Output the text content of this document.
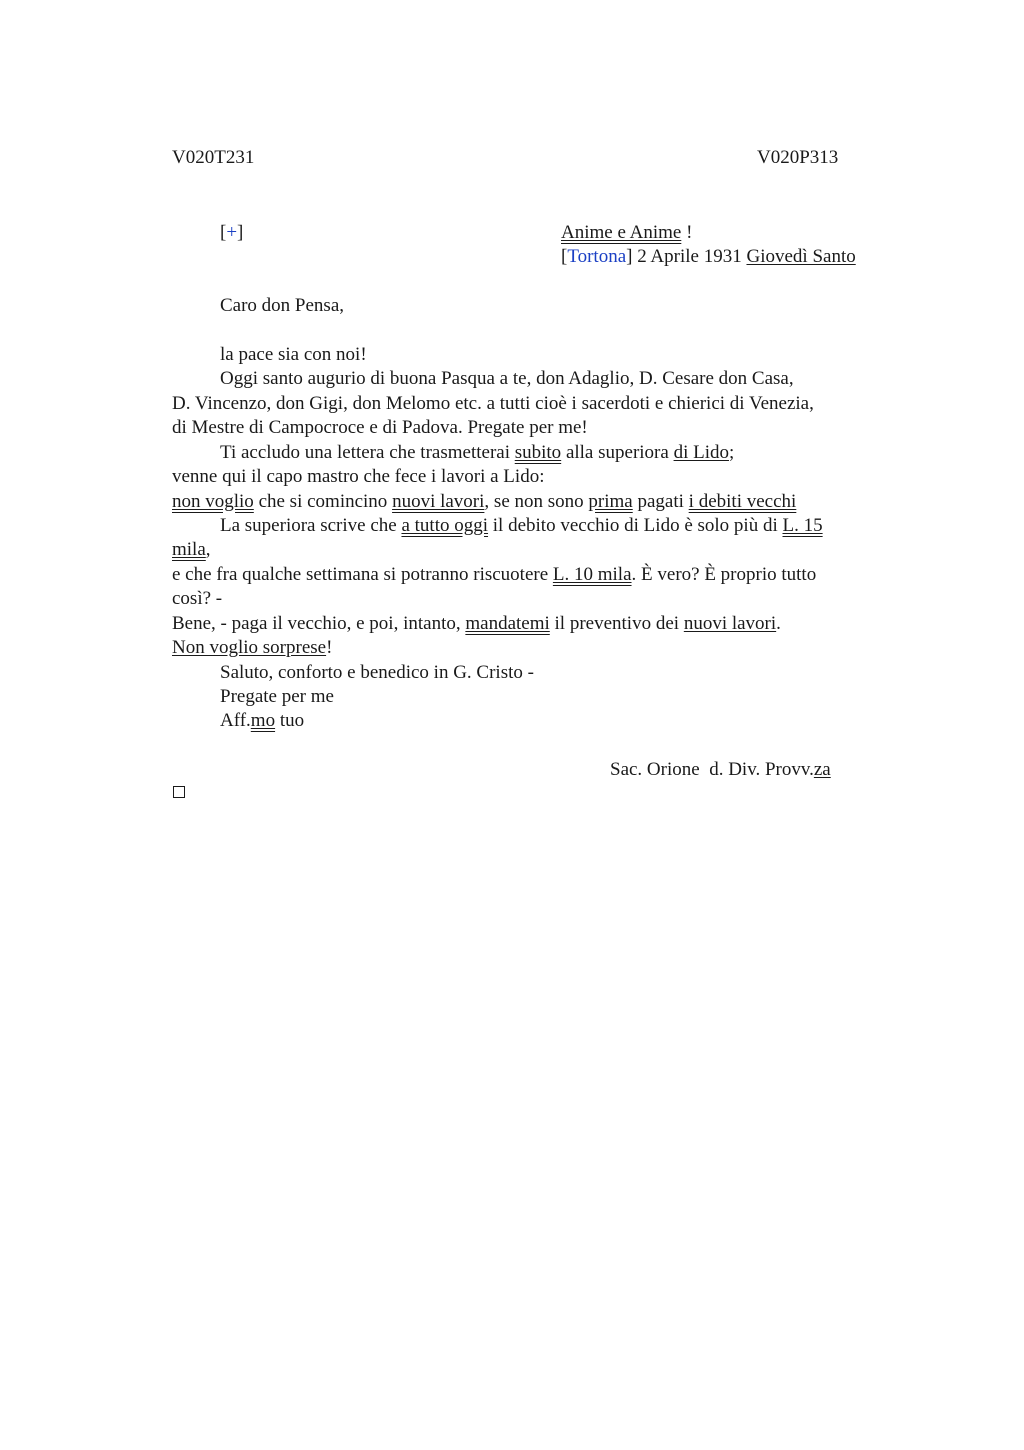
V020T231	V020P313
[+]	Anime e Anime !
[Tortona] 2 Aprile 1931 Giovedì Santo
Caro don Pensa,
la pace sia con noi!
Oggi santo augurio di buona Pasqua a te, don Adaglio, D. Cesare don Casa,
D. Vincenzo, don Gigi, don Melomo etc. a tutti cioè i sacerdoti e chierici di Venezia,
di Mestre di Campocroce e di Padova. Pregate per me!
Ti accludo una lettera che trasmetterai subito alla superiora di Lido;
venne qui il capo mastro che fece i lavori a Lido:
non voglio che si comincino nuovi lavori, se non sono prima pagati i debiti vecchi
La superiora scrive che a tutto oggi il debito vecchio di Lido è solo più di L. 15
mila,
e che fra qualche settimana si potranno riscuotere L. 10 mila. È vero? È proprio tutto
così? -
Bene, - paga il vecchio, e poi, intanto, mandatemi il preventivo dei nuovi lavori.
Non voglio sorprese!
Saluto, conforto e benedico in G. Cristo -
Pregate per me
Aff.mo tuo
Sac. Orione  d. Div. Provv.za
